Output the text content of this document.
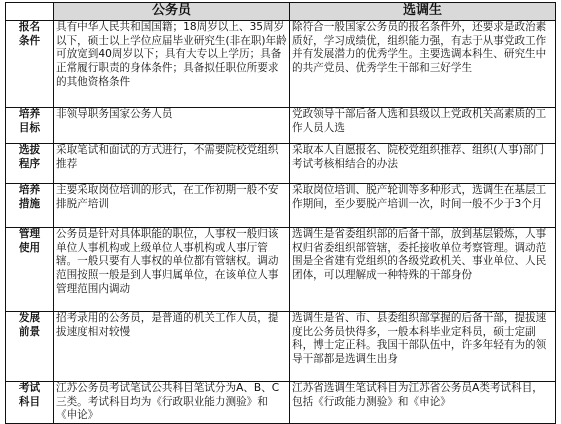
	公务员	选调生

报名
条件	具有中华人民共和国国籍；18周岁以上、35周岁以下，硕士以上学位应届毕业研究生(非在职)年龄可放宽到40周岁以下；具有大专以上学历；具备正常履行职责的身体条件；具备拟任职位所要求的其他资格条件	除符合一般国家公务员的报名条件外，还要求是政治素质好，学习成绩优，组织能力强，有志于从事党政工作并有发展潜力的优秀学生。主要选调本科生、研究生中的共产党员、优秀学生干部和三好学生

培养
目标	非领导职务国家公务人员	党政领导干部后备人选和县级以上党政机关高素质的工作人员人选

选拔
程序	采取笔试和面试的方式进行，不需要院校党组织推荐	采取本人自愿报名、院校党组织推荐、组织(人事)部门考试考核相结合的办法

培养
措施	主要采取岗位培训的形式，在工作初期一般不安排脱产培训	采取岗位培训、脱产轮训等多种形式，选调生在基层工作期间，至少要脱产培训一次，时间一般不少于3个月

管理
使用	公务员是针对具体职能的职位，人事权一般归该单位人事机构或上级单位人事机构或人事厅管辖。一般只要有人事权的单位都有管辖权。调动范围按照一般是到人事归属单位，在该单位人事管理范围内调动	选调生是省委组织部的后备干部，放到基层锻炼，人事权归省委组织部管辖，委托接收单位考察管理。调动范围是全省建有党组织的各级党政机关、事业单位、人民团体，可以理解成一种特殊的干部身份

发展
前景	招考录用的公务员，是普通的机关工作人员，提拔速度相对较慢	选调生是省、市、县委组织部掌握的后备干部，提拔速度比公务员快得多，一般本科毕业定科员，硕士定副科，博士定正科。我国干部队伍中，许多年轻有为的领导干部都是选调生出身

考试
科目	江苏公务员考试笔试公共科目笔试分为A、B、C三类。考试科目均为《行政职业能力测验》和《申论》	江苏省选调生笔试科目为江苏省公务员A类考试科目，包括《行政能力测验》和《申论》
